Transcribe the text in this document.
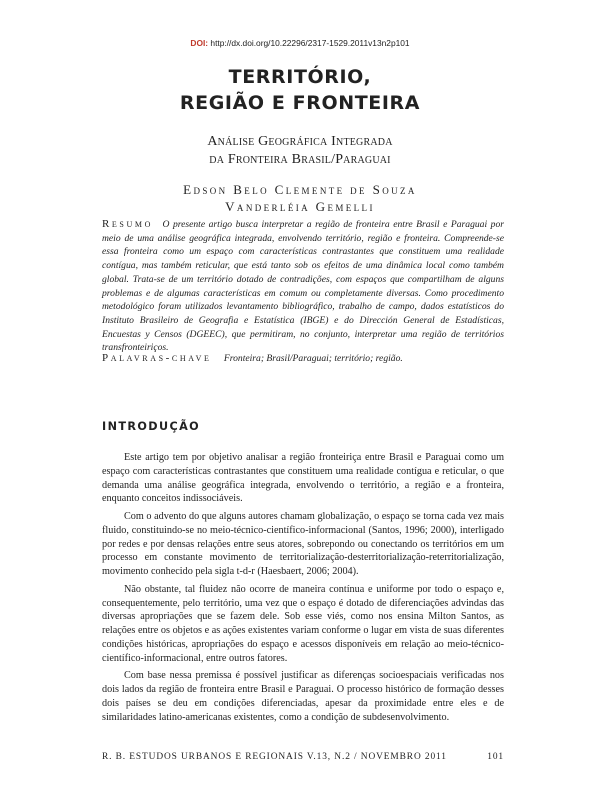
DOI: http://dx.doi.org/10.22296/2317-1529.2011v13n2p101
TERRITÓRIO,
REGIÃO E FRONTEIRA
Análise Geográfica Integrada
da Fronteira Brasil/Paraguai
Edson Belo Clemente de Souza
Vanderléia Gemelli

Resumo O presente artigo busca interpretar a região de fronteira entre Brasil e Paraguai por meio de uma análise geográfica integrada, envolvendo território, região e fronteira. Compreende-se essa fronteira como um espaço com características contrastantes que constituem uma realidade contígua, mas também reticular, que está tanto sob os efeitos de uma dinâmica local como também global. Trata-se de um território dotado de contradições, com espaços que compartilham de alguns problemas e de algumas características em comum ou completamente diversas. Como procedimento metodológico foram utilizados levantamento bibliográfico, trabalho de campo, dados estatísticos do Instituto Brasileiro de Geografia e Estatística (IBGE) e do Dirección General de Estadísticas, Encuestas y Censos (DGEEC), que permitiram, no conjunto, interpretar uma região de territórios transfronteiriços.

Palavras-chave Fronteira; Brasil/Paraguai; território; região.

INTRODUÇÃO

Este artigo tem por objetivo analisar a região fronteiriça entre Brasil e Paraguai como um espaço com características contrastantes que constituem uma realidade contígua e reticular, o que demanda uma análise geográfica integrada, envolvendo o território, a região e a fronteira, enquanto conceitos indissociáveis.

Com o advento do que alguns autores chamam globalização, o espaço se torna cada vez mais fluido, constituindo-se no meio-técnico-científico-informacional (Santos, 1996; 2000), interligado por redes e por densas relações entre seus atores, sobrepondo ou conectando os territórios em um processo em constante movimento de territorialização-desterritorialização-reterritorialização, movimento conhecido pela sigla t-d-r (Haesbaert, 2006; 2004).

Não obstante, tal fluidez não ocorre de maneira contínua e uniforme por todo o espaço e, consequentemente, pelo território, uma vez que o espaço é dotado de diferenciações advindas das diversas apropriações que se fazem dele. Sob esse viés, como nos ensina Milton Santos, as relações entre os objetos e as ações existentes variam conforme o lugar em vista de suas diferentes condições históricas, apropriações do espaço e acessos disponíveis em relação ao meio-técnico-científico-informacional, entre outros fatores.

Com base nessa premissa é possível justificar as diferenças socioespaciais verificadas nos dois lados da região de fronteira entre Brasil e Paraguai. O processo histórico de formação desses dois países se deu em condições diferenciadas, apesar da proximidade entre eles e de similaridades latino-americanas existentes, como a condição de subdesenvolvimento.

R. B. ESTUDOS URBANOS E REGIONAIS V.13, N.2 / NOVEMBRO 2011	101
